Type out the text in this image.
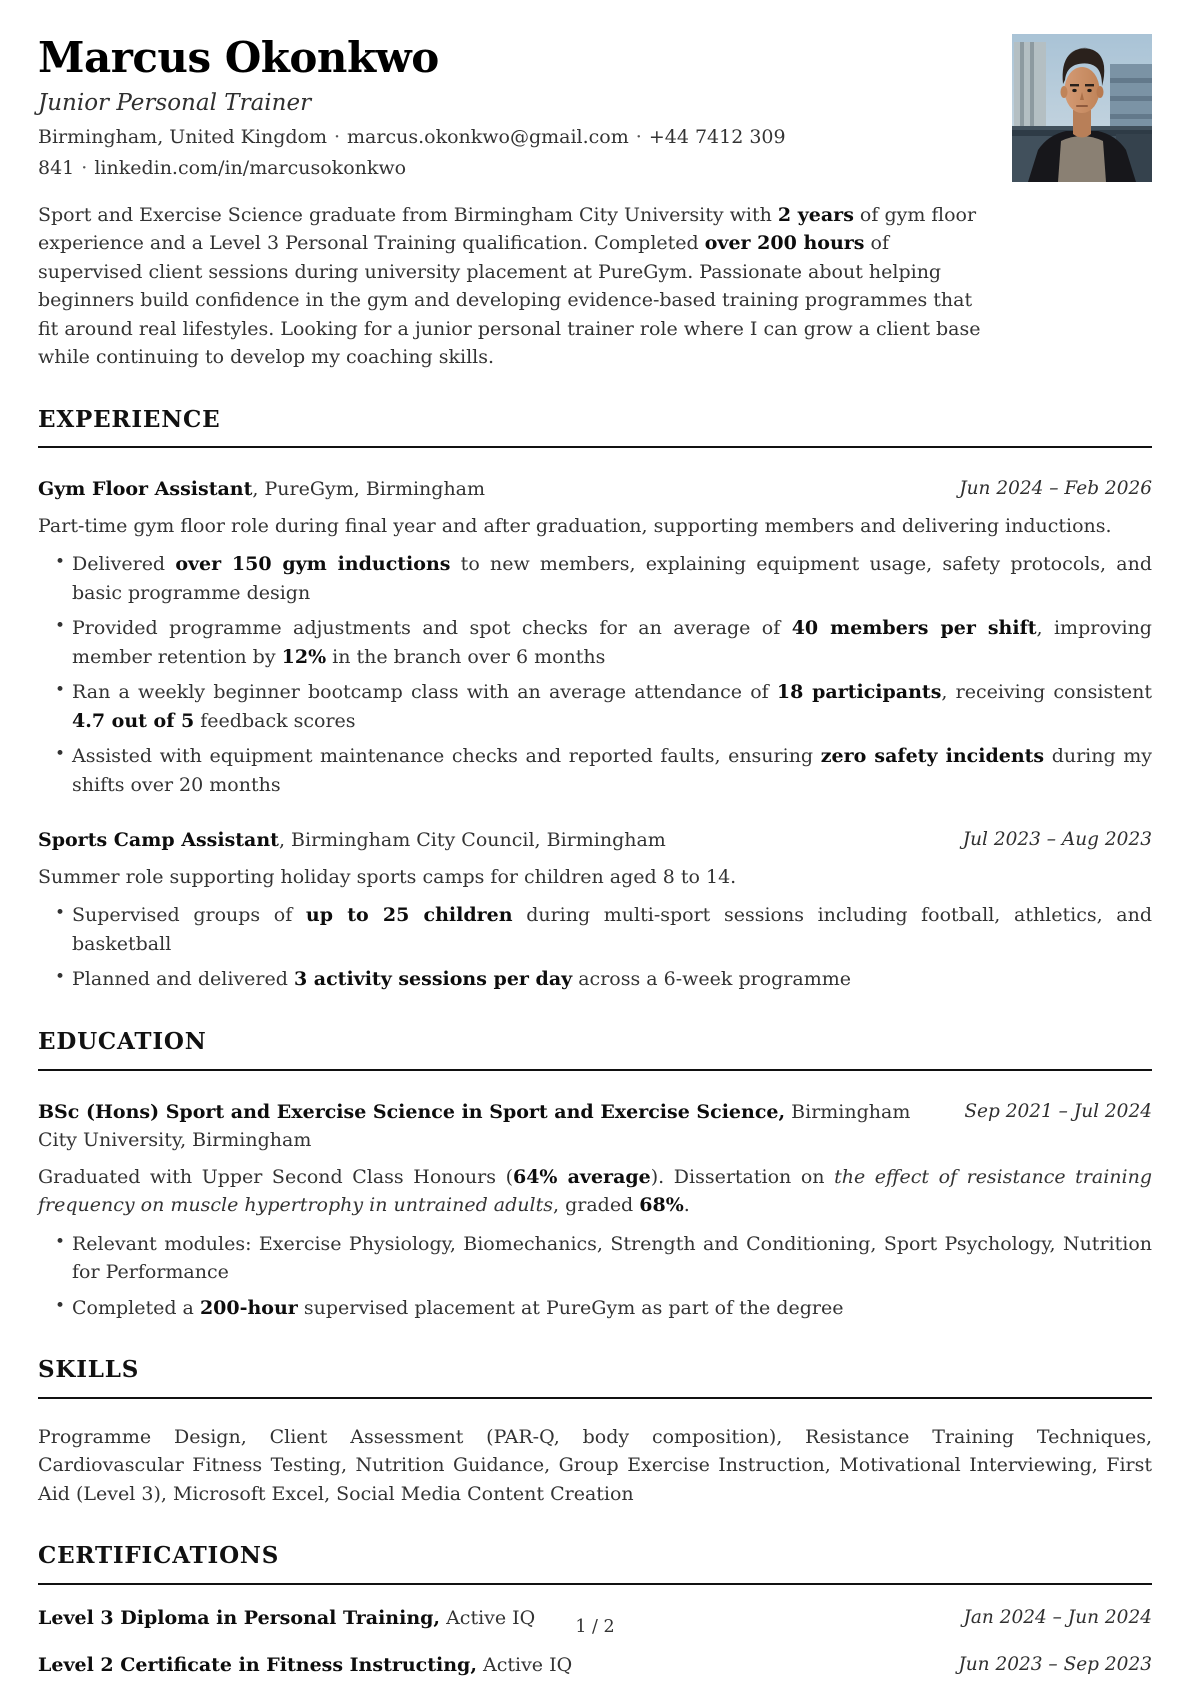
Marcus Okonkwo
Junior Personal Trainer
Birmingham, United Kingdom · marcus.okonkwo@gmail.com · +44 7412 309 841 · linkedin.com/in/marcusokonkwo

Sport and Exercise Science graduate from Birmingham City University with 2 years of gym floor experience and a Level 3 Personal Training qualification. Completed over 200 hours of supervised client sessions during university placement at PureGym. Passionate about helping beginners build confidence in the gym and developing evidence-based training programmes that fit around real lifestyles. Looking for a junior personal trainer role where I can grow a client base while continuing to develop my coaching skills.

EXPERIENCE
Gym Floor Assistant, PureGym, Birmingham	Jun 2024 – Feb 2026

Part-time gym floor role during final year and after graduation, supporting members and delivering inductions.

• Delivered over 150 gym inductions to new members, explaining equipment usage, safety protocols, and basic programme design
• Provided programme adjustments and spot checks for an average of 40 members per shift, improving member retention by 12% in the branch over 6 months
• Ran a weekly beginner bootcamp class with an average attendance of 18 participants, receiving consistent 4.7 out of 5 feedback scores
• Assisted with equipment maintenance checks and reported faults, ensuring zero safety incidents during my shifts over 20 months
Sports Camp Assistant, Birmingham City Council, Birmingham	Jul 2023 – Aug 2023

Summer role supporting holiday sports camps for children aged 8 to 14.

• Supervised groups of up to 25 children during multi-sport sessions including football, athletics, and basketball
• Planned and delivered 3 activity sessions per day across a 6-week programme
EDUCATION
BSc (Hons) Sport and Exercise Science in Sport and Exercise Science, Birmingham City University, Birmingham
Sep 2021 – Jul 2024

Graduated with Upper Second Class Honours (64% average). Dissertation on the effect of resistance training frequency on muscle hypertrophy in untrained adults, graded 68%.

• Relevant modules: Exercise Physiology, Biomechanics, Strength and Conditioning, Sport Psychology, Nutrition for Performance
• Completed a 200-hour supervised placement at PureGym as part of the degree
SKILLS

Programme Design, Client Assessment (PAR-Q, body composition), Resistance Training Techniques, Cardiovascular Fitness Testing, Nutrition Guidance, Group Exercise Instruction, Motivational Interviewing, First Aid (Level 3), Microsoft Excel, Social Media Content Creation

CERTIFICATIONS
Level 3 Diploma in Personal Training, Active IQ	Jan 2024 – Jun 2024
Level 2 Certificate in Fitness Instructing, Active IQ	Jun 2023 – Sep 2023
1 / 2
